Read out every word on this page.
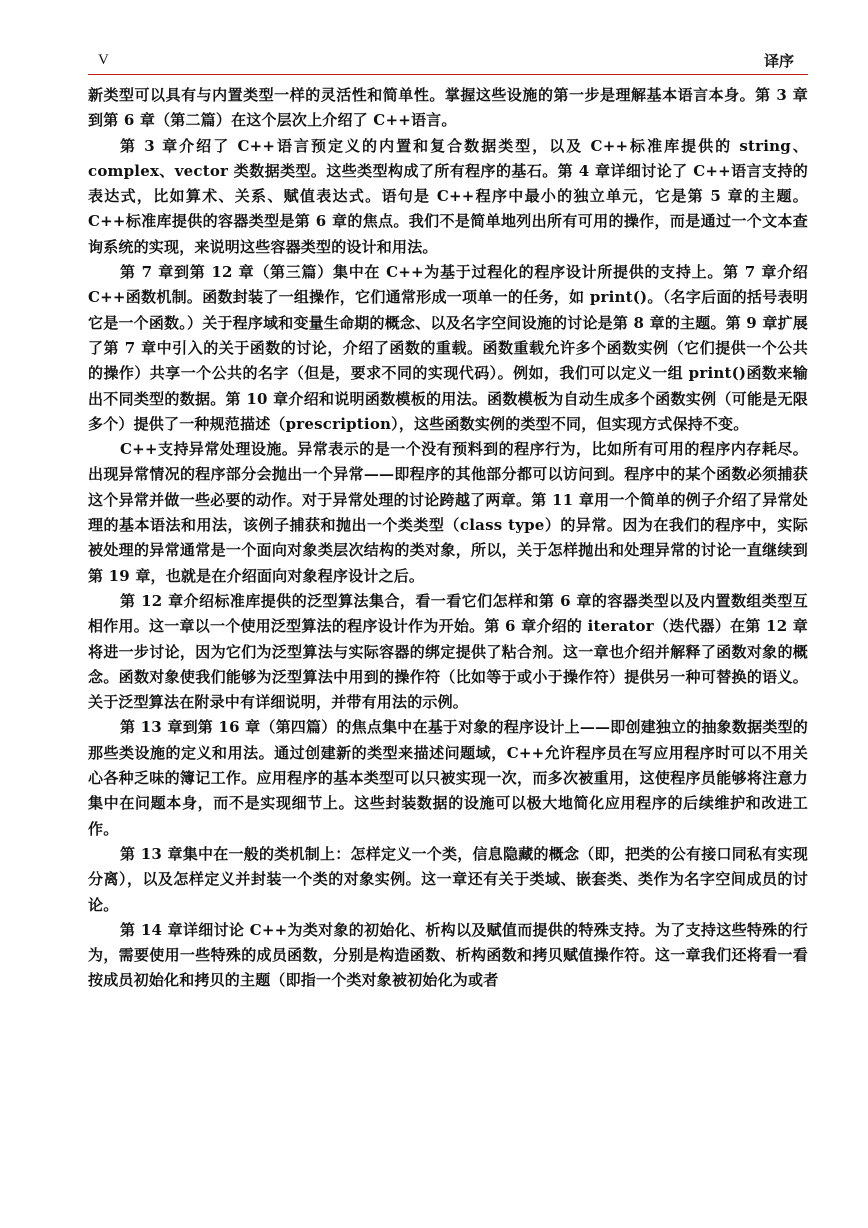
V	译序

新类型可以具有与内置类型一样的灵活性和简单性。掌握这些设施的第一步是理解基本语言本身。第 3 章到第 6 章（第二篇）在这个层次上介绍了 C++语言。

第 3 章介绍了 C++语言预定义的内置和复合数据类型，以及 C++标准库提供的 string、complex、vector 类数据类型。这些类型构成了所有程序的基石。第 4 章详细讨论了 C++语言支持的表达式，比如算术、关系、赋值表达式。语句是 C++程序中最小的独立单元，它是第 5 章的主题。C++标准库提供的容器类型是第 6 章的焦点。我们不是简单地列出所有可用的操作，而是通过一个文本查询系统的实现，来说明这些容器类型的设计和用法。

第 7 章到第 12 章（第三篇）集中在 C++为基于过程化的程序设计所提供的支持上。第 7 章介绍 C++函数机制。函数封装了一组操作，它们通常形成一项单一的任务，如 print()。（名字后面的括号表明它是一个函数。）关于程序域和变量生命期的概念、以及名字空间设施的讨论是第 8 章的主题。第 9 章扩展了第 7 章中引入的关于函数的讨论，介绍了函数的重载。函数重载允许多个函数实例（它们提供一个公共的操作）共享一个公共的名字（但是，要求不同的实现代码）。例如，我们可以定义一组 print()函数来输出不同类型的数据。第 10 章介绍和说明函数模板的用法。函数模板为自动生成多个函数实例（可能是无限多个）提供了一种规范描述（prescription），这些函数实例的类型不同，但实现方式保持不变。

C++支持异常处理设施。异常表示的是一个没有预料到的程序行为，比如所有可用的程序内存耗尽。出现异常情况的程序部分会抛出一个异常——即程序的其他部分都可以访问到。程序中的某个函数必须捕获这个异常并做一些必要的动作。对于异常处理的讨论跨越了两章。第 11 章用一个简单的例子介绍了异常处理的基本语法和用法，该例子捕获和抛出一个类类型（class type）的异常。因为在我们的程序中，实际被处理的异常通常是一个面向对象类层次结构的类对象，所以，关于怎样抛出和处理异常的讨论一直继续到第 19 章，也就是在介绍面向对象程序设计之后。

第 12 章介绍标准库提供的泛型算法集合，看一看它们怎样和第 6 章的容器类型以及内置数组类型互相作用。这一章以一个使用泛型算法的程序设计作为开始。第 6 章介绍的 iterator（迭代器）在第 12 章将进一步讨论，因为它们为泛型算法与实际容器的绑定提供了粘合剂。这一章也介绍并解释了函数对象的概念。函数对象使我们能够为泛型算法中用到的操作符（比如等于或小于操作符）提供另一种可替换的语义。关于泛型算法在附录中有详细说明，并带有用法的示例。

第 13 章到第 16 章（第四篇）的焦点集中在基于对象的程序设计上——即创建独立的抽象数据类型的那些类设施的定义和用法。通过创建新的类型来描述问题域，C++允许程序员在写应用程序时可以不用关心各种乏味的簿记工作。应用程序的基本类型可以只被实现一次，而多次被重用，这使程序员能够将注意力集中在问题本身，而不是实现细节上。这些封装数据的设施可以极大地简化应用程序的后续维护和改进工作。

第 13 章集中在一般的类机制上：怎样定义一个类，信息隐藏的概念（即，把类的公有接口同私有实现分离），以及怎样定义并封装一个类的对象实例。这一章还有关于类域、嵌套类、类作为名字空间成员的讨论。

第 14 章详细讨论 C++为类对象的初始化、析构以及赋值而提供的特殊支持。为了支持这些特殊的行为，需要使用一些特殊的成员函数，分别是构造函数、析构函数和拷贝赋值操作符。这一章我们还将看一看按成员初始化和拷贝的主题（即指一个类对象被初始化为或者
